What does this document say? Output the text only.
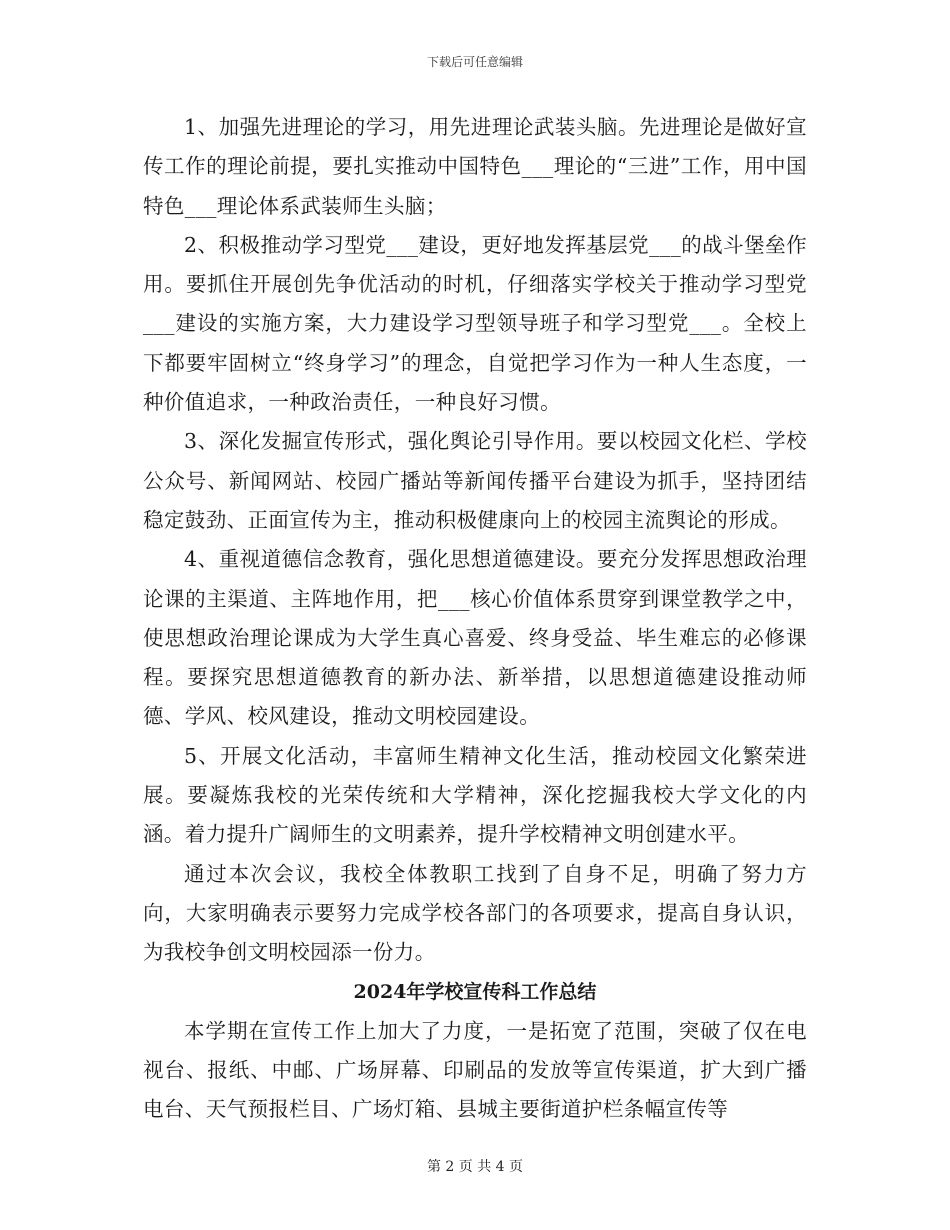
下载后可任意编辑

1、加强先进理论的学习，用先进理论武装头脑。先进理论是做好宣传工作的理论前提，要扎实推动中国特色___理论的“三进”工作，用中国特色___理论体系武装师生头脑；

2、积极推动学习型党___建设，更好地发挥基层党___的战斗堡垒作用。要抓住开展创先争优活动的时机，仔细落实学校关于推动学习型党___建设的实施方案，大力建设学习型领导班子和学习型党___。全校上下都要牢固树立“终身学习”的理念，自觉把学习作为一种人生态度，一种价值追求，一种政治责任，一种良好习惯。

3、深化发掘宣传形式，强化舆论引导作用。要以校园文化栏、学校公众号、新闻网站、校园广播站等新闻传播平台建设为抓手，坚持团结稳定鼓劲、正面宣传为主，推动积极健康向上的校园主流舆论的形成。

4、重视道德信念教育，强化思想道德建设。要充分发挥思想政治理论课的主渠道、主阵地作用，把___核心价值体系贯穿到课堂教学之中，使思想政治理论课成为大学生真心喜爱、终身受益、毕生难忘的必修课程。要探究思想道德教育的新办法、新举措，以思想道德建设推动师德、学风、校风建设，推动文明校园建设。

5、开展文化活动，丰富师生精神文化生活，推动校园文化繁荣进展。要凝炼我校的光荣传统和大学精神，深化挖掘我校大学文化的内涵。着力提升广阔师生的文明素养，提升学校精神文明创建水平。

通过本次会议，我校全体教职工找到了自身不足，明确了努力方向，大家明确表示要努力完成学校各部门的各项要求，提高自身认识，为我校争创文明校园添一份力。

2024年学校宣传科工作总结

本学期在宣传工作上加大了力度，一是拓宽了范围，突破了仅在电视台、报纸、中邮、广场屏幕、印刷品的发放等宣传渠道，扩大到广播电台、天气预报栏目、广场灯箱、县城主要街道护栏条幅宣传等

第 2 页 共 4 页
